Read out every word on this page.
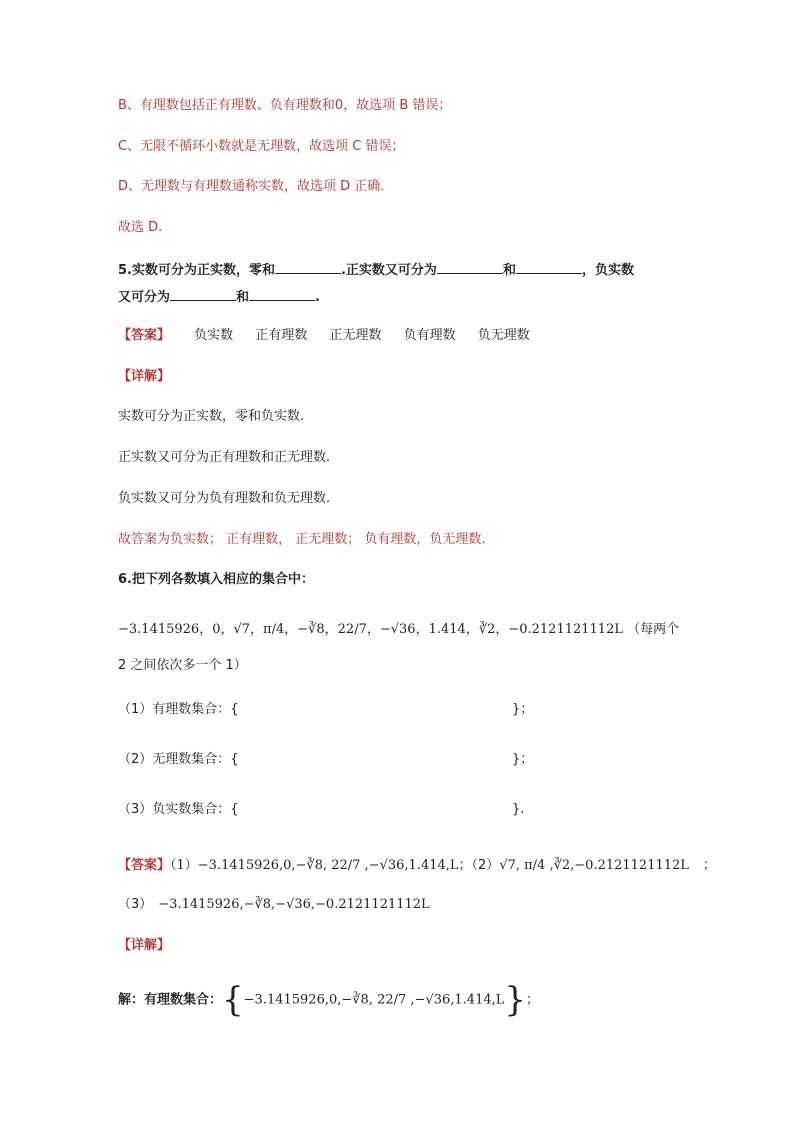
B、有理数包括正有理数、负有理数和0，故选项 B 错误；
C、无限不循环小数就是无理数，故选项 C 错误；
D、无理数与有理数通称实数，故选项 D 正确．
故选 D.
5.实数可分为正实数，零和	.正实数又可分为	和	，负实数
又可分为	和	.
【答案】 负实数 正有理数 正无理数 负有理数 负无理数
【详解】
实数可分为正实数，零和负实数.
正实数又可分为正有理数和正无理数．
负实数又可分为负有理数和负无理数.
故答案为负实数； 正有理数， 正无理数； 负有理数，负无理数．
6.把下列各数填入相应的集合中：
−3.1415926，0，√7，π/4，−∛8，22/7，−√36，1.414，∛2，−0.2121121112L （每两个
2 之间依次多一个 1）
（1）有理数集合：{	}；
（2）无理数集合：{	}；
（3）负实数集合：{	}.
【答案】（1）−3.1415926,0,−∛8, 22/7 ,−√36,1.414,L；（2）√7, π/4 ,∛2,−0.2121121112L ；
（3） −3.1415926,−∛8,−√36,−0.2121121112L
【详解】
解：有理数集合：{−3.1415926,0,−∛8, 22/7 ,−√36,1.414,L}；
